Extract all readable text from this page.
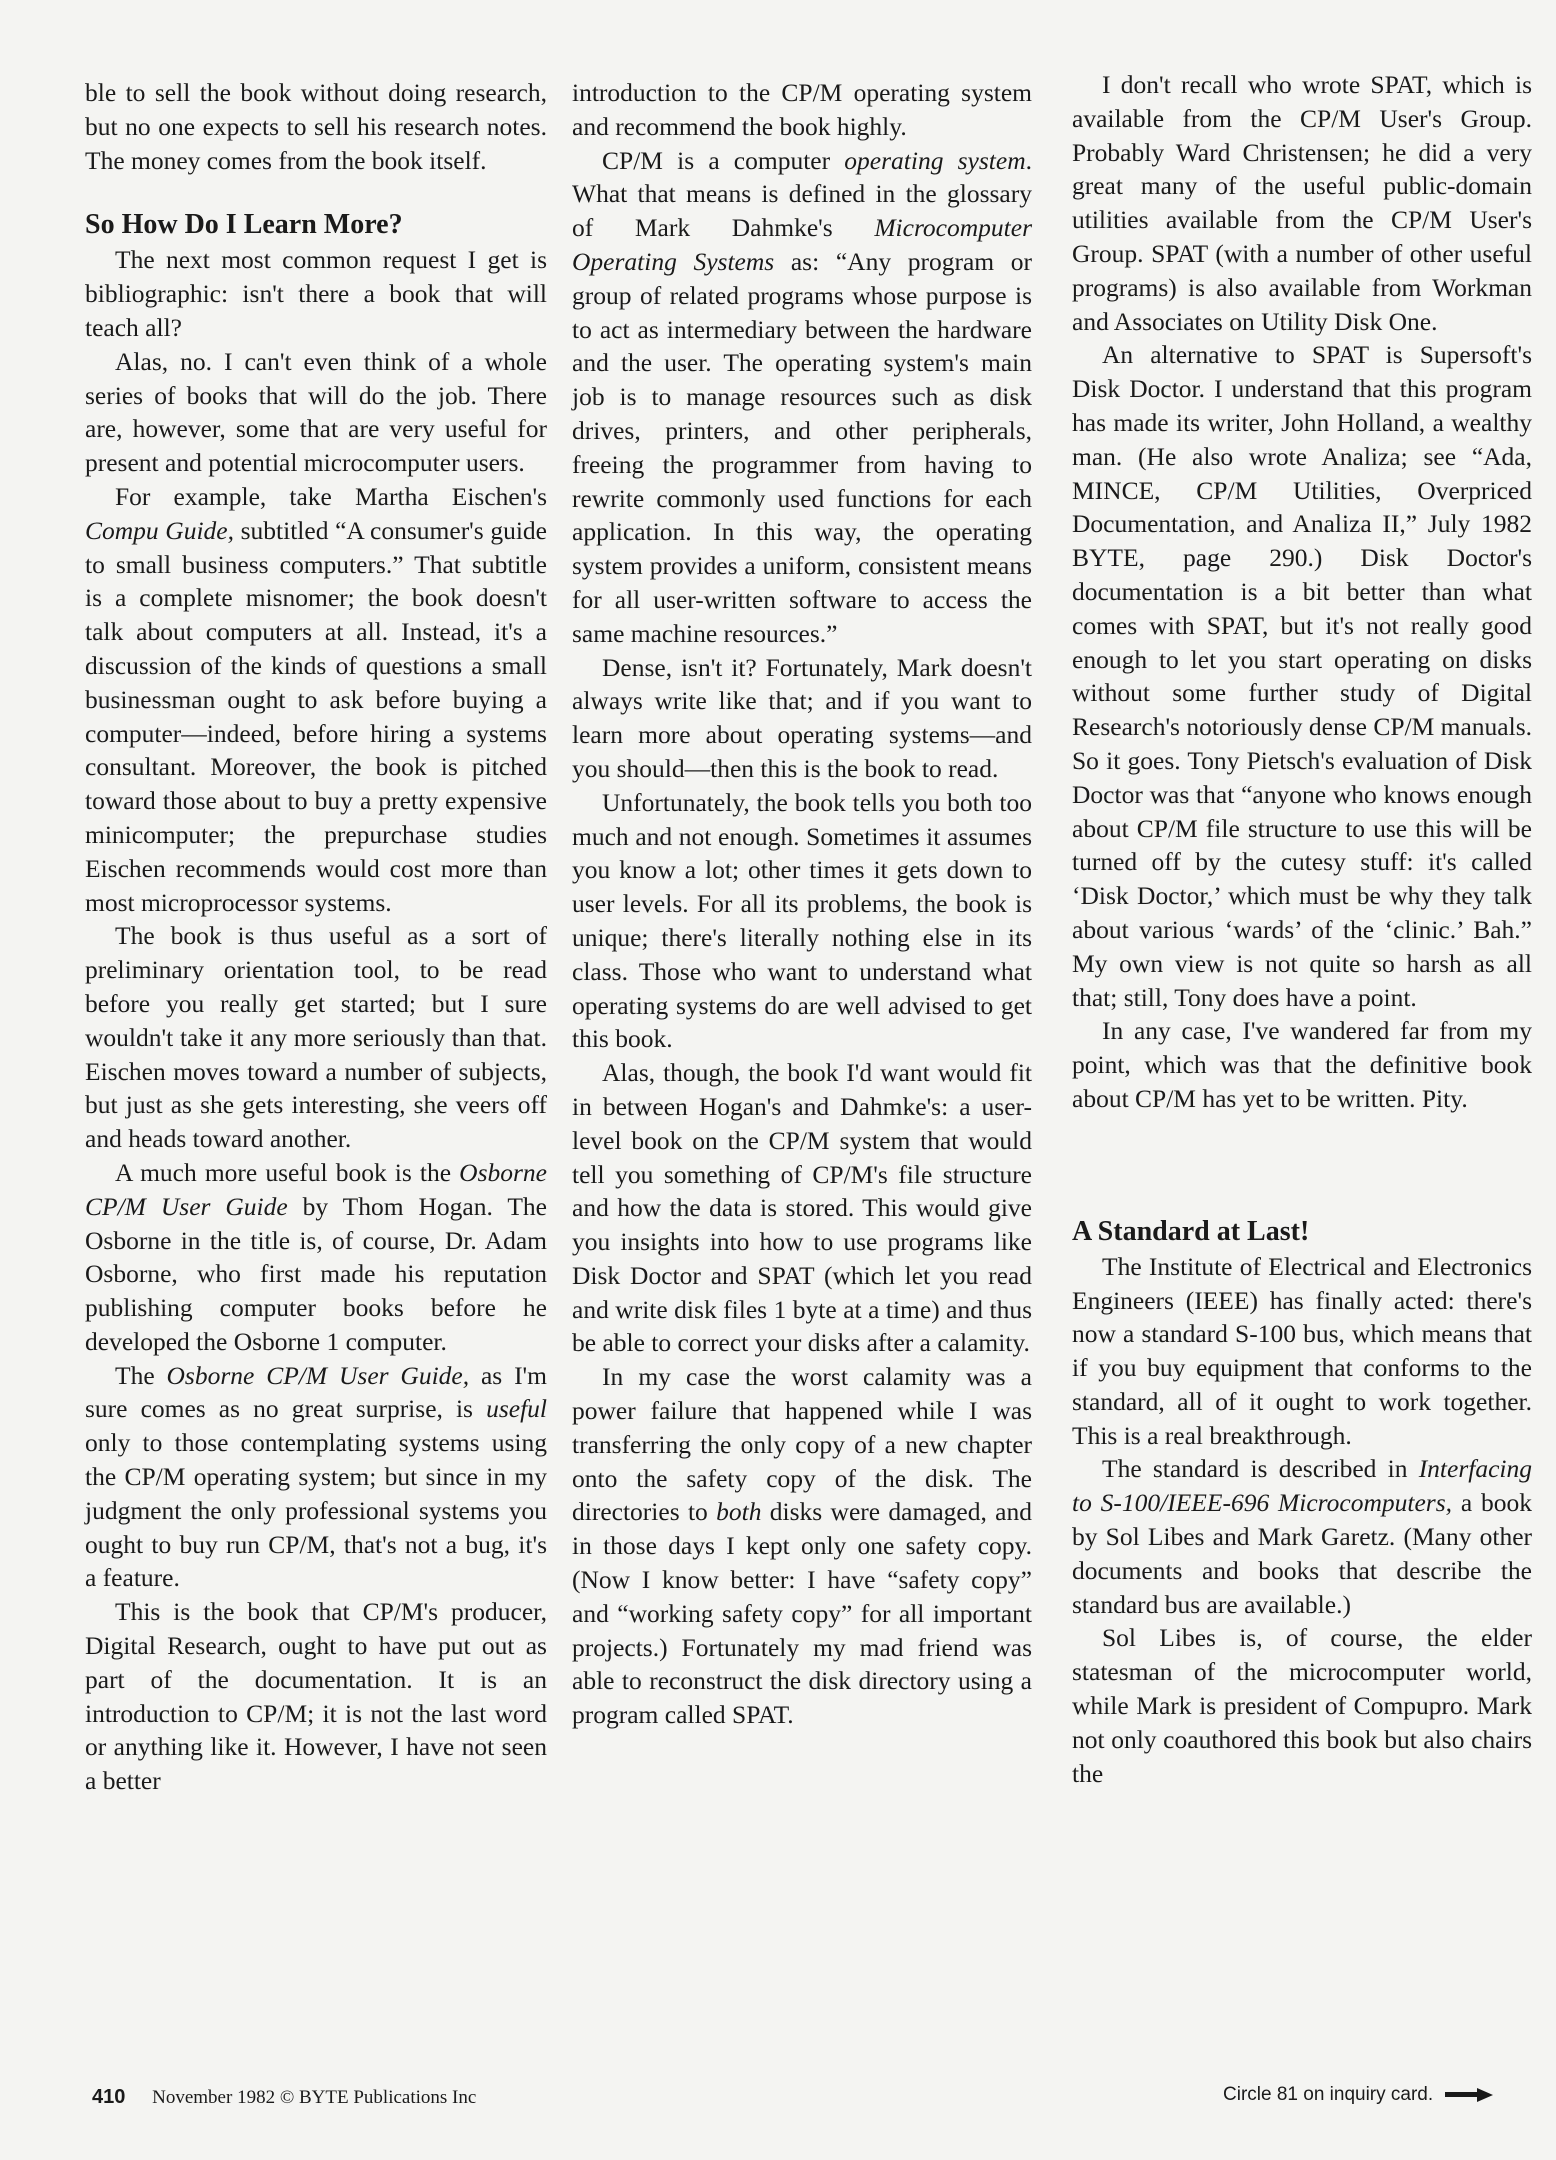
ble to sell the book without doing research, but no one expects to sell his research notes. The money comes from the book itself.

So How Do I Learn More?

The next most common request I get is bibliographic: isn't there a book that will teach all?

Alas, no. I can't even think of a whole series of books that will do the job. There are, however, some that are very useful for present and potential microcomputer users.

For example, take Martha Eischen's Compu Guide, subtitled “A consumer's guide to small business computers.” That subtitle is a complete misnomer; the book doesn't talk about computers at all. Instead, it's a discussion of the kinds of questions a small businessman ought to ask before buying a computer—indeed, before hiring a systems consultant. Moreover, the book is pitched toward those about to buy a pretty expensive minicomputer; the prepurchase studies Eischen recommends would cost more than most microprocessor systems.

The book is thus useful as a sort of preliminary orientation tool, to be read before you really get started; but I sure wouldn't take it any more seriously than that. Eischen moves toward a number of subjects, but just as she gets interesting, she veers off and heads toward another.

A much more useful book is the Osborne CP/M User Guide by Thom Hogan. The Osborne in the title is, of course, Dr. Adam Osborne, who first made his reputation publishing computer books before he developed the Osborne 1 computer.

The Osborne CP/M User Guide, as I'm sure comes as no great surprise, is useful only to those contemplating systems using the CP/M operating system; but since in my judgment the only professional systems you ought to buy run CP/M, that's not a bug, it's a feature.

This is the book that CP/M's producer, Digital Research, ought to have put out as part of the documentation. It is an introduction to CP/M; it is not the last word or anything like it. However, I have not seen a better

introduction to the CP/M operating system and recommend the book highly.

CP/M is a computer operating system. What that means is defined in the glossary of Mark Dahmke's Microcomputer Operating Systems as: “Any program or group of related programs whose purpose is to act as intermediary between the hardware and the user. The operating system's main job is to manage resources such as disk drives, printers, and other peripherals, freeing the programmer from having to rewrite commonly used functions for each application. In this way, the operating system provides a uniform, consistent means for all user-written software to access the same machine resources.”

Dense, isn't it? Fortunately, Mark doesn't always write like that; and if you want to learn more about operating systems—and you should—then this is the book to read.

Unfortunately, the book tells you both too much and not enough. Sometimes it assumes you know a lot; other times it gets down to user levels. For all its problems, the book is unique; there's literally nothing else in its class. Those who want to understand what operating systems do are well advised to get this book.

Alas, though, the book I'd want would fit in between Hogan's and Dahmke's: a user-level book on the CP/M system that would tell you something of CP/M's file structure and how the data is stored. This would give you insights into how to use programs like Disk Doctor and SPAT (which let you read and write disk files 1 byte at a time) and thus be able to correct your disks after a calamity.

In my case the worst calamity was a power failure that happened while I was transferring the only copy of a new chapter onto the safety copy of the disk. The directories to both disks were damaged, and in those days I kept only one safety copy. (Now I know better: I have “safety copy” and “working safety copy” for all important projects.) Fortunately my mad friend was able to reconstruct the disk directory using a program called SPAT.

I don't recall who wrote SPAT, which is available from the CP/M User's Group. Probably Ward Christensen; he did a very great many of the useful public-domain utilities available from the CP/M User's Group. SPAT (with a number of other useful programs) is also available from Workman and Associates on Utility Disk One.

An alternative to SPAT is Supersoft's Disk Doctor. I understand that this program has made its writer, John Holland, a wealthy man. (He also wrote Analiza; see “Ada, MINCE, CP/M Utilities, Overpriced Documentation, and Analiza II,” July 1982 BYTE, page 290.) Disk Doctor's documentation is a bit better than what comes with SPAT, but it's not really good enough to let you start operating on disks without some further study of Digital Research's notoriously dense CP/M manuals. So it goes. Tony Pietsch's evaluation of Disk Doctor was that “anyone who knows enough about CP/M file structure to use this will be turned off by the cutesy stuff: it's called ‘Disk Doctor,’ which must be why they talk about various ‘wards’ of the ‘clinic.’ Bah.” My own view is not quite so harsh as all that; still, Tony does have a point.

In any case, I've wandered far from my point, which was that the definitive book about CP/M has yet to be written. Pity.

A Standard at Last!

The Institute of Electrical and Electronics Engineers (IEEE) has finally acted: there's now a standard S-100 bus, which means that if you buy equipment that conforms to the standard, all of it ought to work together. This is a real breakthrough.

The standard is described in Interfacing to S-100/IEEE-696 Microcomputers, a book by Sol Libes and Mark Garetz. (Many other documents and books that describe the standard bus are available.)

Sol Libes is, of course, the elder statesman of the microcomputer world, while Mark is president of Compupro. Mark not only coauthored this book but also chairs the

410 November 1982 © BYTE Publications Inc	Circle 81 on inquiry card.
